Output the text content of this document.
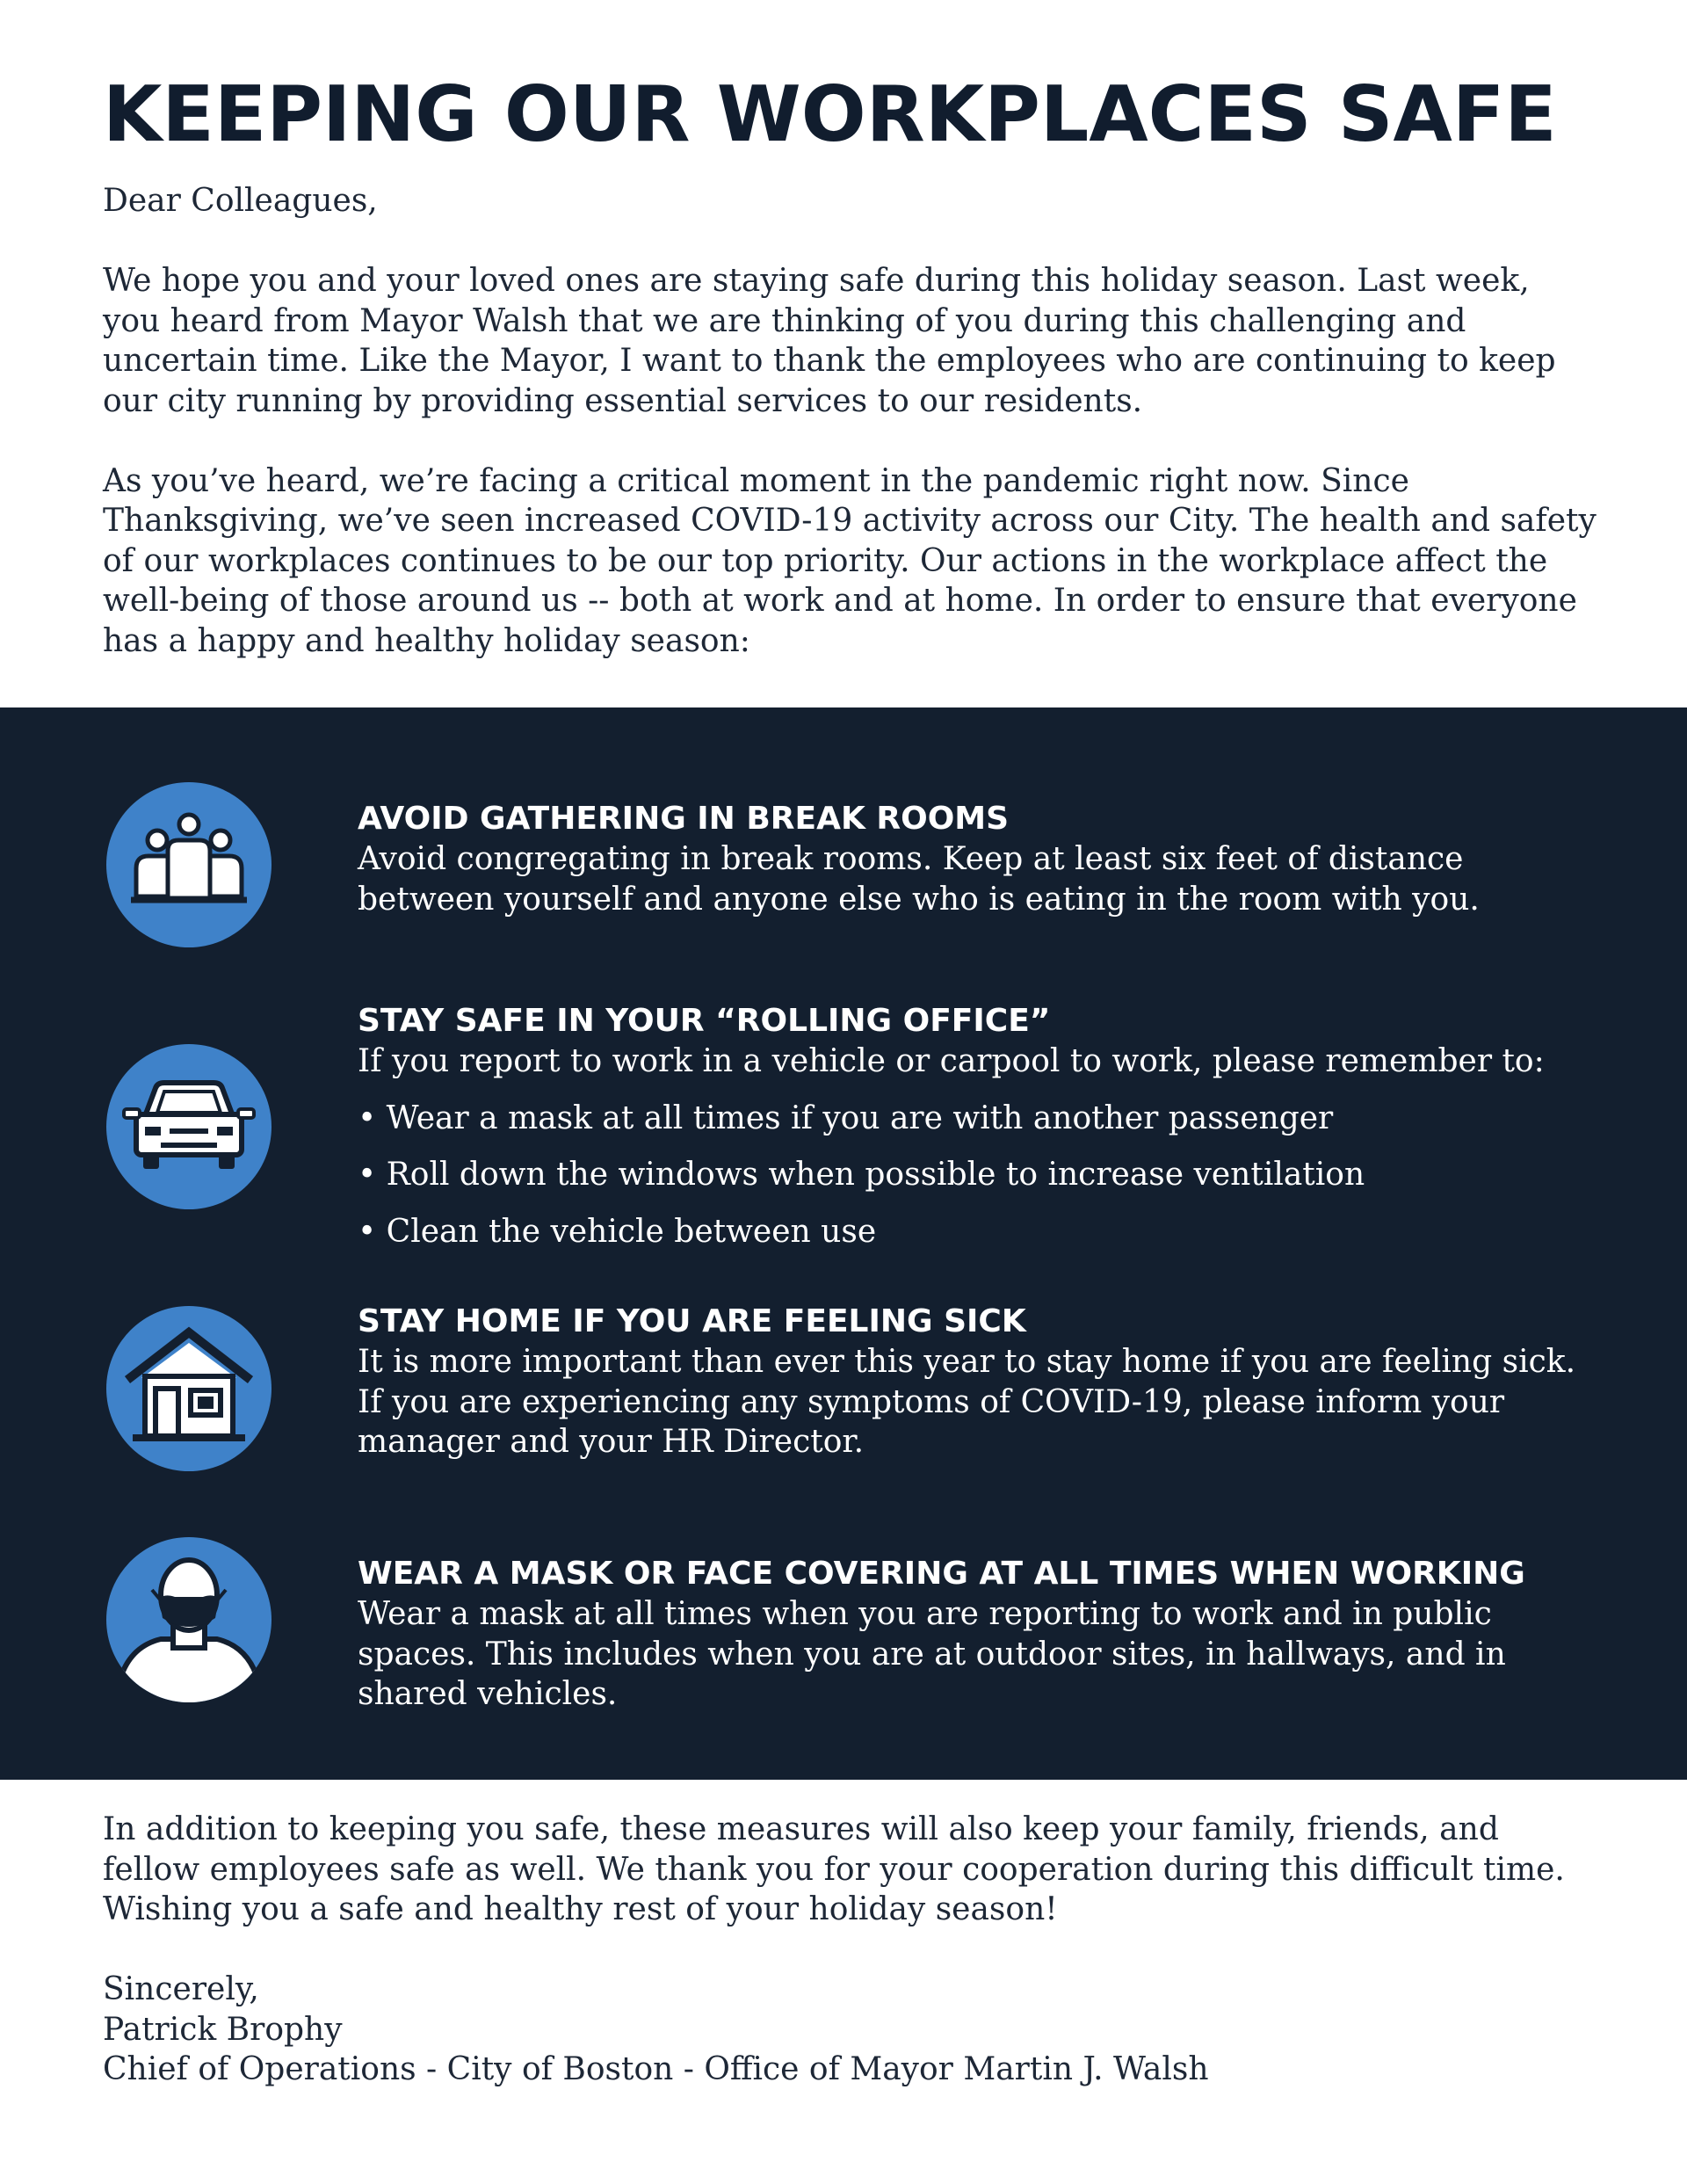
KEEPING OUR WORKPLACES SAFE
Dear Colleagues,
We hope you and your loved ones are staying safe during this holiday season. Last week, you heard from Mayor Walsh that we are thinking of you during this challenging and uncertain time. Like the Mayor, I want to thank the employees who are continuing to keep our city running by providing essential services to our residents.
As you’ve heard, we’re facing a critical moment in the pandemic right now. Since Thanksgiving, we’ve seen increased COVID-19 activity across our City. The health and safety of our workplaces continues to be our top priority. Our actions in the workplace affect the well-being of those around us -- both at work and at home. In order to ensure that everyone has a happy and healthy holiday season:
AVOID GATHERING IN BREAK ROOMS
Avoid congregating in break rooms. Keep at least six feet of distance between yourself and anyone else who is eating in the room with you.
STAY SAFE IN YOUR “ROLLING OFFICE”
If you report to work in a vehicle or carpool to work, please remember to:
• Wear a mask at all times if you are with another passenger
• Roll down the windows when possible to increase ventilation
• Clean the vehicle between use
STAY HOME IF YOU ARE FEELING SICK
It is more important than ever this year to stay home if you are feeling sick. If you are experiencing any symptoms of COVID-19, please inform your manager and your HR Director.
WEAR A MASK OR FACE COVERING AT ALL TIMES WHEN WORKING
Wear a mask at all times when you are reporting to work and in public spaces. This includes when you are at outdoor sites, in hallways, and in shared vehicles.
In addition to keeping you safe, these measures will also keep your family, friends, and fellow employees safe as well. We thank you for your cooperation during this difficult time. Wishing you a safe and healthy rest of your holiday season!
Sincerely,
Patrick Brophy
Chief of Operations - City of Boston - Office of Mayor Martin J. Walsh
